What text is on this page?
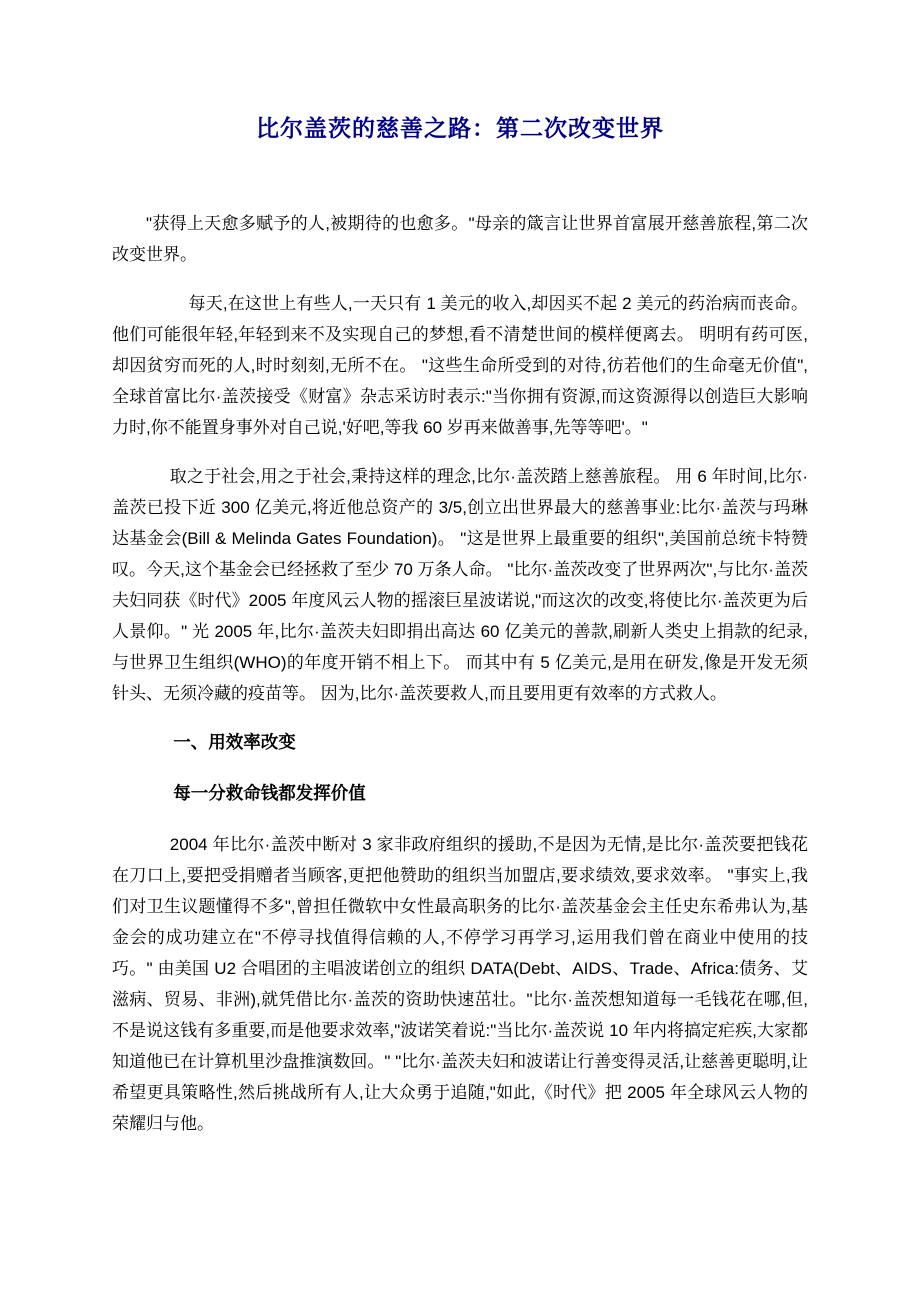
比尔盖茨的慈善之路：第二次改变世界

"获得上天愈多赋予的人,被期待的也愈多。"母亲的箴言让世界首富展开慈善旅程,第二次改变世界。

每天,在这世上有些人,一天只有 1 美元的收入,却因买不起 2 美元的药治病而丧命。他们可能很年轻,年轻到来不及实现自己的梦想,看不清楚世间的模样便离去。 明明有药可医,却因贫穷而死的人,时时刻刻,无所不在。 "这些生命所受到的对待,彷若他们的生命毫无价值",全球首富比尔·盖茨接受《财富》杂志采访时表示:"当你拥有资源,而这资源得以创造巨大影响力时,你不能置身事外对自己说,'好吧,等我 60 岁再来做善事,先等等吧'。"

取之于社会,用之于社会,秉持这样的理念,比尔·盖茨踏上慈善旅程。 用 6 年时间,比尔·盖茨已投下近 300 亿美元,将近他总资产的 3/5,创立出世界最大的慈善事业:比尔·盖茨与玛琳达基金会(Bill & Melinda Gates Foundation)。 "这是世界上最重要的组织",美国前总统卡特赞叹。今天,这个基金会已经拯救了至少 70 万条人命。 "比尔·盖茨改变了世界两次",与比尔·盖茨夫妇同获《时代》2005 年度风云人物的摇滚巨星波诺说,"而这次的改变,将使比尔·盖茨更为后人景仰。" 光 2005 年,比尔·盖茨夫妇即捐出高达 60 亿美元的善款,刷新人类史上捐款的纪录,与世界卫生组织(WHO)的年度开销不相上下。 而其中有 5 亿美元,是用在研发,像是开发无须针头、无须冷藏的疫苗等。 因为,比尔·盖茨要救人,而且要用更有效率的方式救人。

一、用效率改变
每一分救命钱都发挥价值

2004 年比尔·盖茨中断对 3 家非政府组织的援助,不是因为无情,是比尔·盖茨要把钱花在刀口上,要把受捐赠者当顾客,更把他赞助的组织当加盟店,要求绩效,要求效率。 "事实上,我们对卫生议题懂得不多",曾担任微软中女性最高职务的比尔·盖茨基金会主任史东希弗认为,基金会的成功建立在"不停寻找值得信赖的人,不停学习再学习,运用我们曾在商业中使用的技巧。" 由美国 U2 合唱团的主唱波诺创立的组织 DATA(Debt、AIDS、Trade、Africa:债务、艾滋病、贸易、非洲),就凭借比尔·盖茨的资助快速茁壮。"比尔·盖茨想知道每一毛钱花在哪,但,不是说这钱有多重要,而是他要求效率,"波诺笑着说:"当比尔·盖茨说 10 年内将搞定疟疾,大家都知道他已在计算机里沙盘推演数回。" "比尔·盖茨夫妇和波诺让行善变得灵活,让慈善更聪明,让希望更具策略性,然后挑战所有人,让大众勇于追随,"如此,《时代》把 2005 年全球风云人物的荣耀归与他。
